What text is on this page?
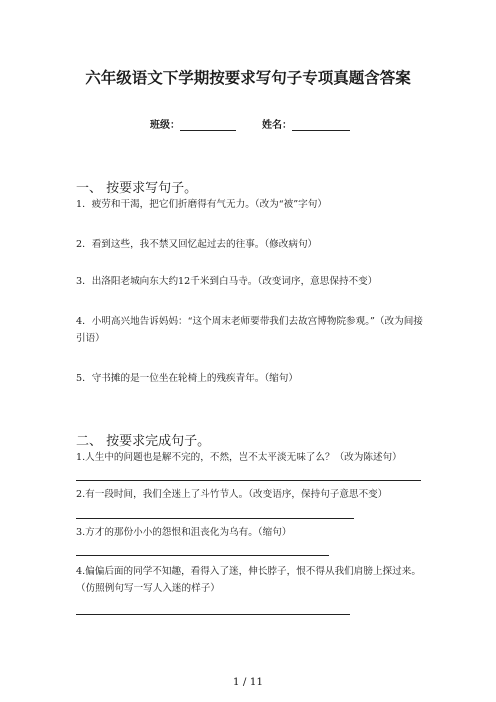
六年级语文下学期按要求写句子专项真题含答案
班级：	姓名：
一、 按要求写句子。
1．疲劳和干渴，把它们折磨得有气无力。（改为“被”字句）
2．看到这些，我不禁又回忆起过去的往事。（修改病句）
3．出洛阳老城向东大约12千米到白马寺。（改变词序，意思保持不变）
4．小明高兴地告诉妈妈：“这个周末老师要带我们去故宫博物院参观。”（改为间接引语）
5．守书摊的是一位坐在轮椅上的残疾青年。（缩句）
二、 按要求完成句子。
1.人生中的问题也是解不完的，不然，岂不太平淡无味了么？（改为陈述句）
2.有一段时间，我们全迷上了斗竹节人。（改变语序，保持句子意思不变）
3.方才的那份小小的怨恨和沮丧化为乌有。（缩句）
4.偏偏后面的同学不知趣，看得入了迷，伸长脖子，恨不得从我们肩膀上探过来。（仿照例句写一写人入迷的样子）
1 / 11
